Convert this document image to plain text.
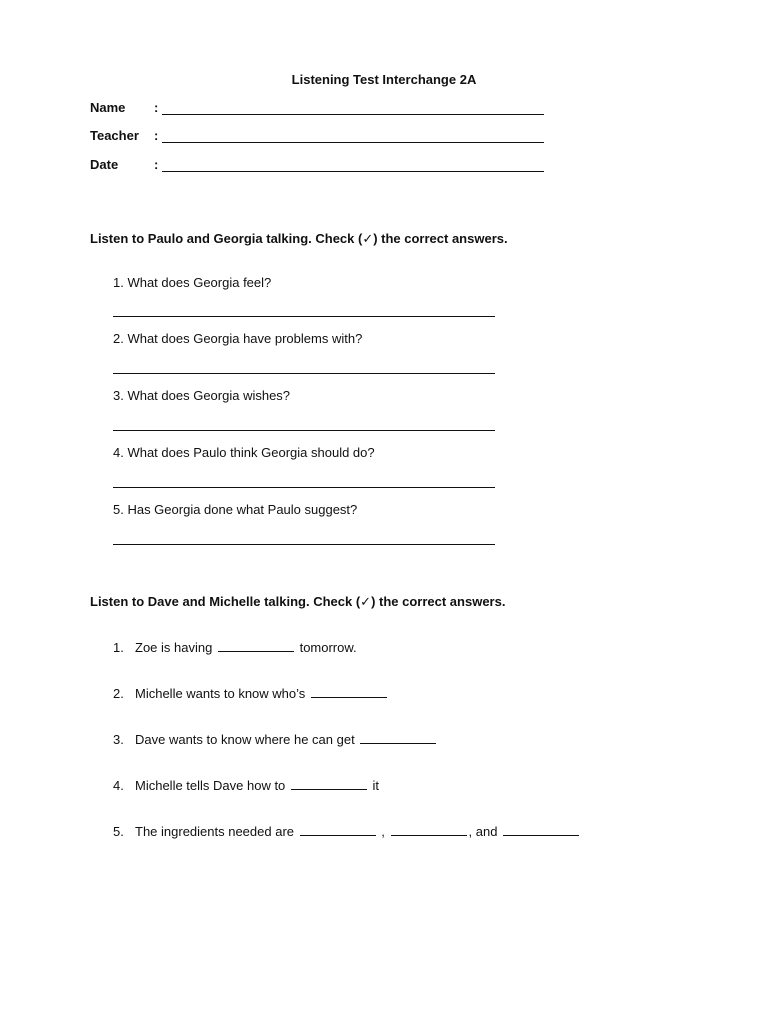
Listening Test Interchange 2A
Name :
Teacher :
Date	:
Listen to Paulo and Georgia talking. Check (✓) the correct answers.
1. What does Georgia feel?
2. What does Georgia have problems with?
3. What does Georgia wishes?
4. What does Paulo think Georgia should do?
5. Has Georgia done what Paulo suggest?
Listen to Dave and Michelle talking. Check (✓) the correct answers.
1. Zoe is having	tomorrow.
2. Michelle wants to know who’s
3. Dave wants to know where he can get
4. Michelle tells Dave how to	it
5. The ingredients needed are	,	, and
